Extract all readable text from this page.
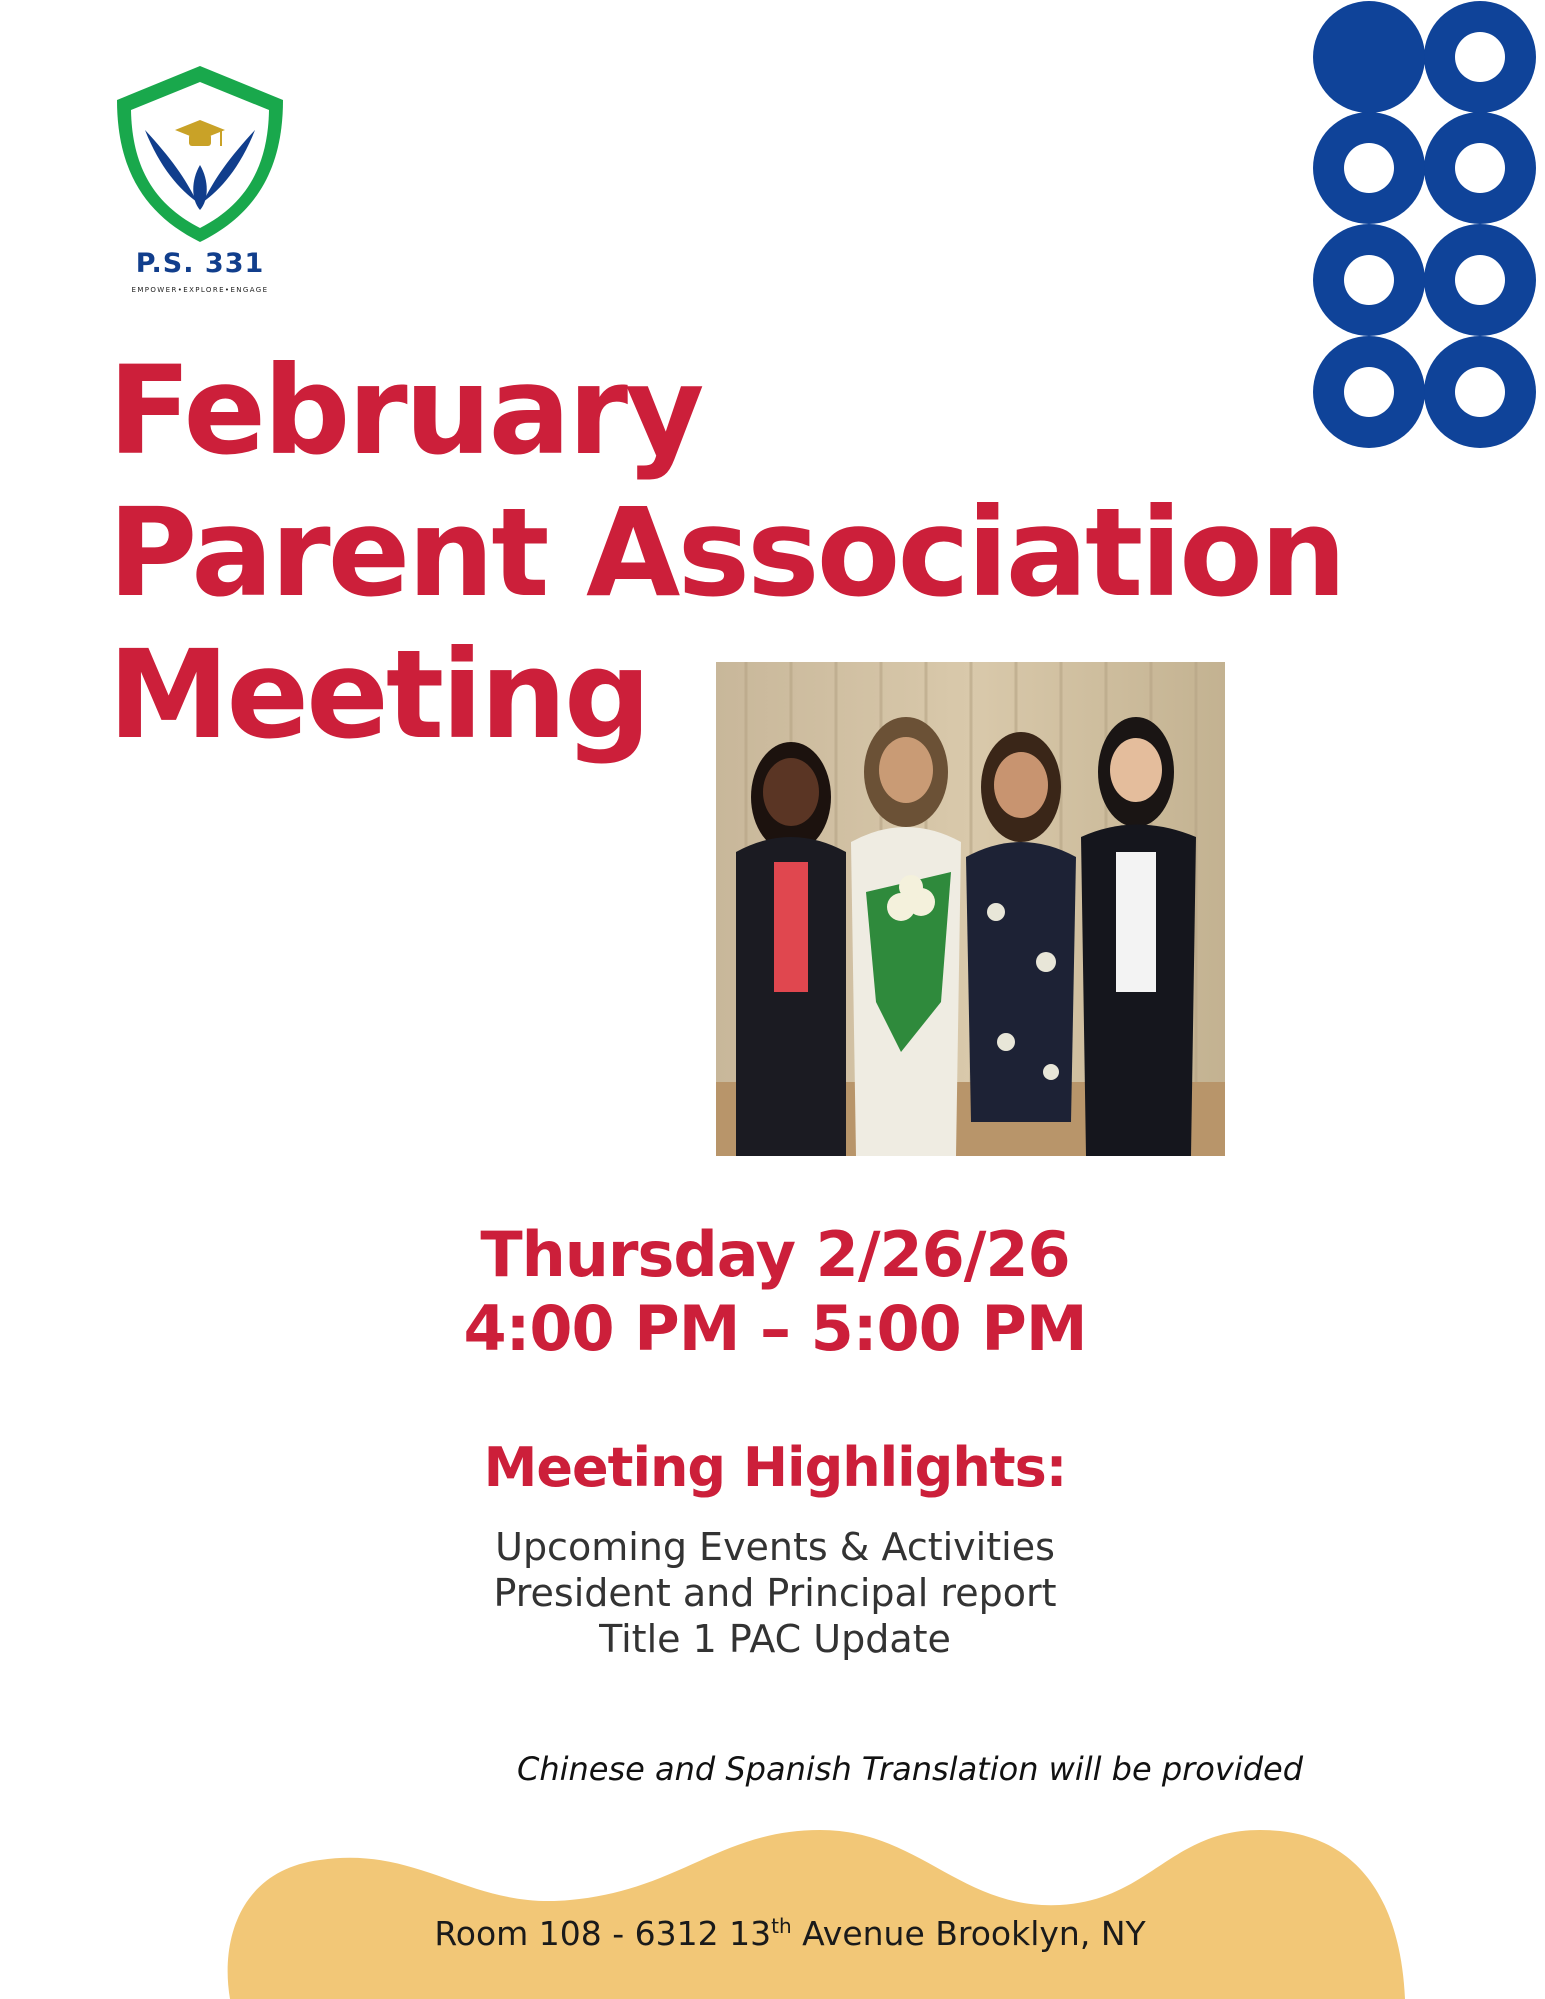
P.S. 331
EMPOWER•EXPLORE•ENGAGE
February
Parent Association
Meeting
Thursday 2/26/26
4:00 PM – 5:00 PM
Meeting Highlights:
Upcoming Events & Activities
President and Principal report
Title 1 PAC Update
Chinese and Spanish Translation will be provided
Room 108 - 6312 13th Avenue Brooklyn, NY
